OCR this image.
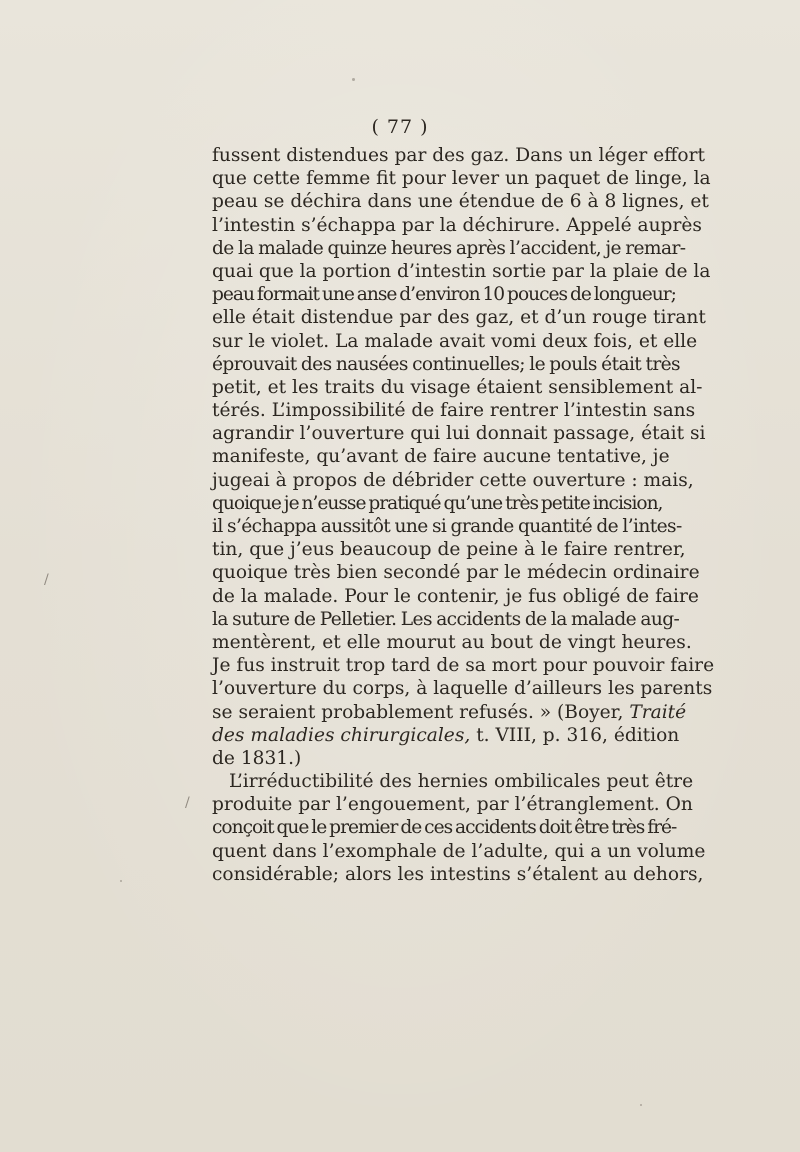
( 77 )
fussent distendues par des gaz. Dans un léger effort
que cette femme fit pour lever un paquet de linge, la
peau se déchira dans une étendue de 6 à 8 lignes, et
l’intestin s’échappa par la déchirure. Appelé auprès
de la malade quinze heures après l’accident, je remar-
quai que la portion d’intestin sortie par la plaie de la
peau formait une anse d’environ 10 pouces de longueur;
elle était distendue par des gaz, et d’un rouge tirant
sur le violet. La malade avait vomi deux fois, et elle
éprouvait des nausées continuelles; le pouls était très
petit, et les traits du visage étaient sensiblement al-
térés. L’impossibilité de faire rentrer l’intestin sans
agrandir l’ouverture qui lui donnait passage, était si
manifeste, qu’avant de faire aucune tentative, je
jugeai à propos de débrider cette ouverture : mais,
quoique je n’eusse pratiqué qu’une très petite incision,
il s’échappa aussitôt une si grande quantité de l’intes-
tin, que j’eus beaucoup de peine à le faire rentrer,
quoique très bien secondé par le médecin ordinaire
de la malade. Pour le contenir, je fus obligé de faire
la suture de Pelletier. Les accidents de la malade aug-
mentèrent, et elle mourut au bout de vingt heures.
Je fus instruit trop tard de sa mort pour pouvoir faire
l’ouverture du corps, à laquelle d’ailleurs les parents
se seraient probablement refusés. » (Boyer, Traité
des maladies chirurgicales, t. VIII, p. 316, édition
de 1831.)
L’irréductibilité des hernies ombilicales peut être
produite par l’engouement, par l’étranglement. On
conçoit que le premier de ces accidents doit être très fré-
quent dans l’exomphale de l’adulte, qui a un volume
considérable; alors les intestins s’étalent au dehors,
/
/
